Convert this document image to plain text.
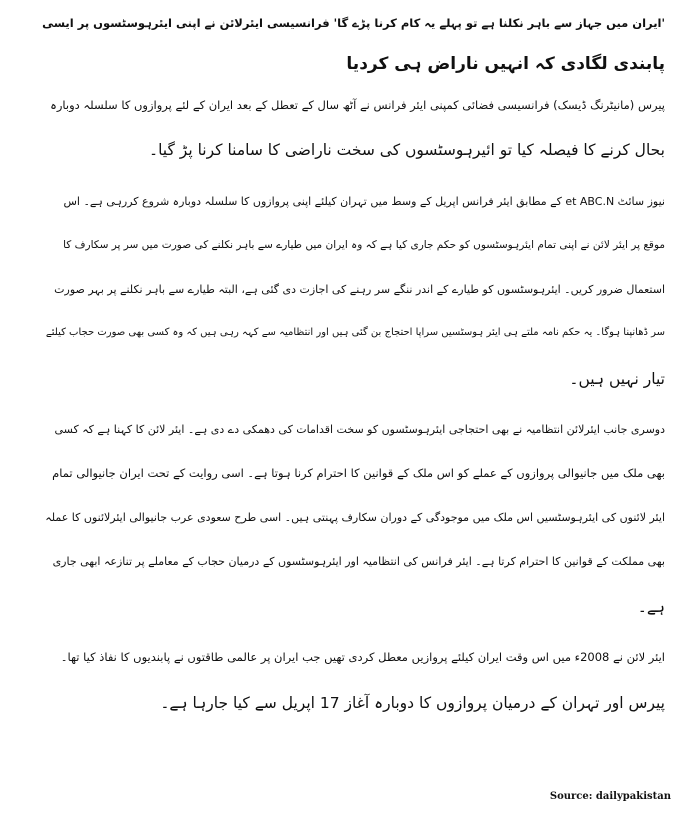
'ایران میں جہاز سے باہر نکلنا ہے تو پہلے یہ کام کرنا پڑے گا' فرانسیسی ایئرلائن نے اپنی ایئرہوسٹسوں پر ایسی
پابندی لگادی کہ انہیں ناراض ہی کردیا
پیرس (مانیٹرنگ ڈیسک) فرانسیسی فضائی کمپنی ایئر فرانس نے آٹھ سال کے تعطل کے بعد ایران کے لئے پروازوں کا سلسلہ دوبارہ
بحال کرنے کا فیصلہ کیا تو ائیرہوسٹسوں کی سخت ناراضی کا سامنا کرنا پڑ گیا۔
نیوز سائٹ et ABC.N کے مطابق ایئر فرانس اپریل کے وسط میں تہران کیلئے اپنی پروازوں کا سلسلہ دوبارہ شروع کررہی ہے۔ اس
موقع پر ایئر لائن نے اپنی تمام ایئرہوسٹسوں کو حکم جاری کیا ہے کہ وہ ایران میں طیارے سے باہر نکلنے کی صورت میں سر پر سکارف کا
استعمال ضرور کریں۔ ایئرہوسٹسوں کو طیارے کے اندر ننگے سر رہنے کی اجازت دی گئی ہے، البتہ طیارے سے باہر نکلنے پر بہر صورت
سر ڈھانپنا ہوگا۔ یہ حکم نامہ ملتے ہی ایئر ہوسٹسیں سراپا احتجاج بن گئی ہیں اور انتظامیہ سے کہہ رہی ہیں کہ وہ کسی بھی صورت حجاب کیلئے
تیار نہیں ہیں۔
دوسری جانب ایئرلائن انتظامیہ نے بھی احتجاجی ایئرہوسٹسوں کو سخت اقدامات کی دھمکی دے دی ہے۔ ایئر لائن کا کہنا ہے کہ کسی
بھی ملک میں جانیوالی پروازوں کے عملے کو اس ملک کے قوانین کا احترام کرنا ہوتا ہے۔ اسی روایت کے تحت ایران جانیوالی تمام
ایئر لائنوں کی ایئرہوسٹسیں اس ملک میں موجودگی کے دوران سکارف پہنتی ہیں۔ اسی طرح سعودی عرب جانیوالی ایئرلائنوں کا عملہ
بھی مملکت کے قوانین کا احترام کرتا ہے۔ ایئر فرانس کی انتظامیہ اور ایئرہوسٹسوں کے درمیان حجاب کے معاملے پر تنازعہ ابھی جاری
ہے۔
ایئر لائن نے 2008ء میں اس وقت ایران کیلئے پروازیں معطل کردی تھیں جب ایران پر عالمی طاقتوں نے پابندیوں کا نفاذ کیا تھا۔
پیرس اور تہران کے درمیان پروازوں کا دوبارہ آغاز 17 اپریل سے کیا جارہا ہے۔
Source: dailypakistan
